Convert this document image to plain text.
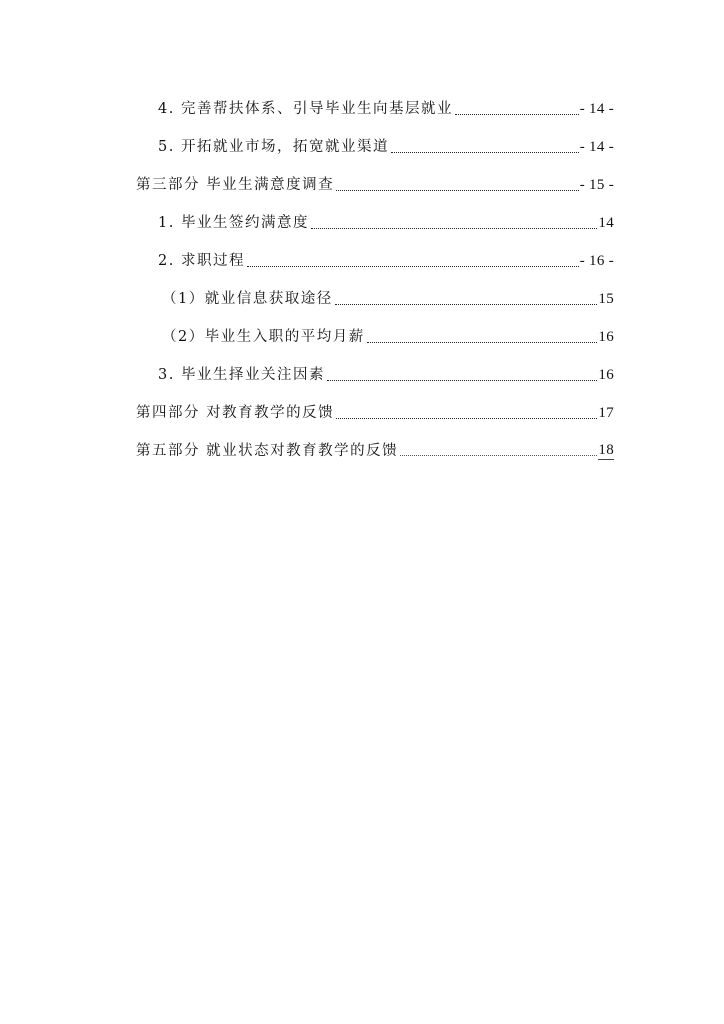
4. 完善帮扶体系、引导毕业生向基层就业	- 14 -
5. 开拓就业市场，拓宽就业渠道	- 14 -
第三部分 毕业生满意度调查	- 15 -
1. 毕业生签约满意度	14
2. 求职过程	- 16 -
（1）就业信息获取途径	15
（2）毕业生入职的平均月薪	16
3. 毕业生择业关注因素	16
第四部分 对教育教学的反馈	17
第五部分 就业状态对教育教学的反馈	18
